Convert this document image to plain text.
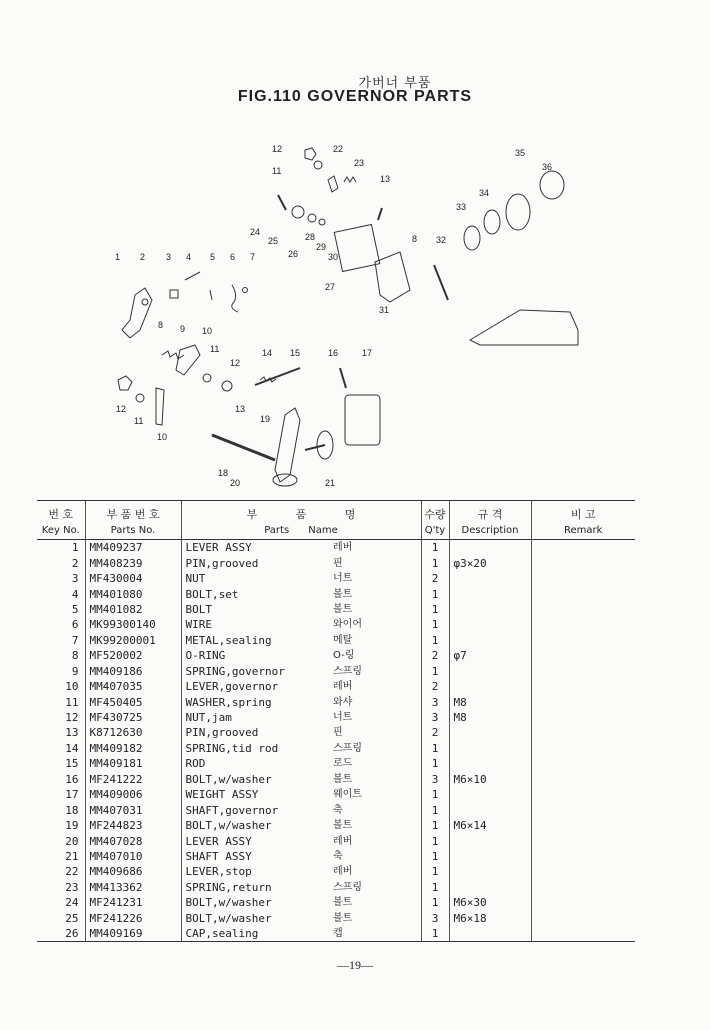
가버너 부품
FIG.110 GOVERNOR PARTS
1 2 3 4 5 6 7
8 9 10
11
12
13
14 15	16	17
18
19
20	21
22
23
24
25
26
27
28
29
30
31
32
33
34
35
36
8
12
11
10
13
12
11
번 호	부 품 번 호	부 품 명		수량	규 격	비 고
Key No.	Parts No.	Parts Name		Q'ty	Description	Remark
1	MM409237	LEVER ASSY	레버	1		
2	MM408239	PIN,grooved	핀	1	φ3×20	
3	MF430004	NUT	너트	2		
4	MM401080	BOLT,set	볼트	1		
5	MM401082	BOLT	볼트	1		
6	MK99300140	WIRE	와이어	1		
7	MK99200001	METAL,sealing	메탈	1		
8	MF520002	O-RING	O-링	2	φ7	
9	MM409186	SPRING,governor	스프링	1		
10	MM407035	LEVER,governor	레버	2		
11	MF450405	WASHER,spring	와샤	3	M8	
12	MF430725	NUT,jam	너트	3	M8	
13	K8712630	PIN,grooved	핀	2		
14	MM409182	SPRING,tid rod	스프링	1		
15	MM409181	ROD	로드	1		
16	MF241222	BOLT,w/washer	볼트	3	M6×10	
17	MM409006	WEIGHT ASSY	웨이트	1		
18	MM407031	SHAFT,governor	축	1		
19	MF244823	BOLT,w/washer	볼트	1	M6×14	
20	MM407028	LEVER ASSY	레버	1		
21	MM407010	SHAFT ASSY	축	1		
22	MM409686	LEVER,stop	레버	1		
23	MM413362	SPRING,return	스프링	1		
24	MF241231	BOLT,w/washer	볼트	1	M6×30	
25	MF241226	BOLT,w/washer	볼트	3	M6×18	
26	MM409169	CAP,sealing	캡	1		
—19—
